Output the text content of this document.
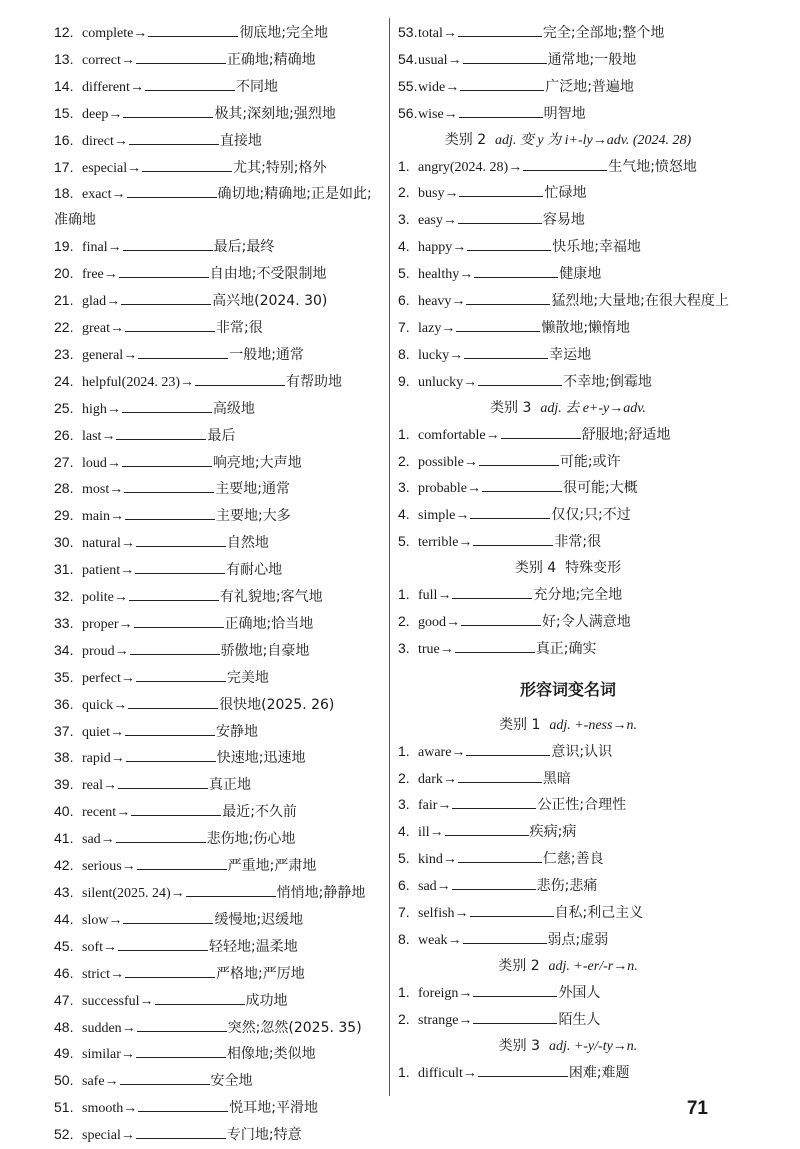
12. complete→	彻底地;完全地
13. correct→	正确地;精确地
14. different→	不同地
15. deep→	极其;深刻地;强烈地
16. direct→	直接地
17. especial→	尤其;特别;格外
18. exact→	确切地;精确地;正是如此;准确地
19. final→	最后;最终
20. free→	自由地;不受限制地
21. glad→	高兴地(2024. 30)
22. great→	非常;很
23. general→	一般地;通常
24. helpful(2024. 23)→	有帮助地
25. high→	高级地
26. last→	最后
27. loud→	响亮地;大声地
28. most→	主要地;通常
29. main→	主要地;大多
30. natural→	自然地
31. patient→	有耐心地
32. polite→	有礼貌地;客气地
33. proper→	正确地;恰当地
34. proud→	骄傲地;自豪地
35. perfect→	完美地
36. quick→	很快地(2025. 26)
37. quiet→	安静地
38. rapid→	快速地;迅速地
39. real→	真正地
40. recent→	最近;不久前
41. sad→	悲伤地;伤心地
42. serious→	严重地;严肃地
43. silent(2025. 24)→	悄悄地;静静地
44. slow→	缓慢地;迟缓地
45. soft→	轻轻地;温柔地
46. strict→	严格地;严厉地
47. successful→	成功地
48. sudden→	突然;忽然(2025. 35)
49. similar→	相像地;类似地
50. safe→	安全地
51. smooth→	悦耳地;平滑地
52. special→	专门地;特意
53.total→	完全;全部地;整个地
54.usual→	通常地;一般地
55.wide→	广泛地;普遍地
56.wise→	明智地
类别 2 adj. 变 y 为 i+-ly→adv. (2024. 28)
1. angry(2024. 28)→	生气地;愤怒地
2. busy→	忙碌地
3. easy→	容易地
4. happy→	快乐地;幸福地
5. healthy→	健康地
6. heavy→	猛烈地;大量地;在很大程度上
7. lazy→	懒散地;懒惰地
8. lucky→	幸运地
9. unlucky→	不幸地;倒霉地
类别 3 adj. 去 e+-y→adv.
1. comfortable→	舒服地;舒适地
2. possible→	可能;或许
3. probable→	很可能;大概
4. simple→	仅仅;只;不过
5. terrible→	非常;很
类别 4 特殊变形
1. full→	充分地;完全地
2. good→	好;令人满意地
3. true→	真正;确实
形容词变名词
类别 1 adj. +-ness→n.
1. aware→	意识;认识
2. dark→	黑暗
3. fair→	公正性;合理性
4. ill→	疾病;病
5. kind→	仁慈;善良
6. sad→	悲伤;悲痛
7. selfish→	自私;利己主义
8. weak→	弱点;虚弱
类别 2 adj. +-er/-r→n.
1. foreign→	外国人
2. strange→	陌生人
类别 3 adj. +-y/-ty→n.
1. difficult→	困难;难题
71
